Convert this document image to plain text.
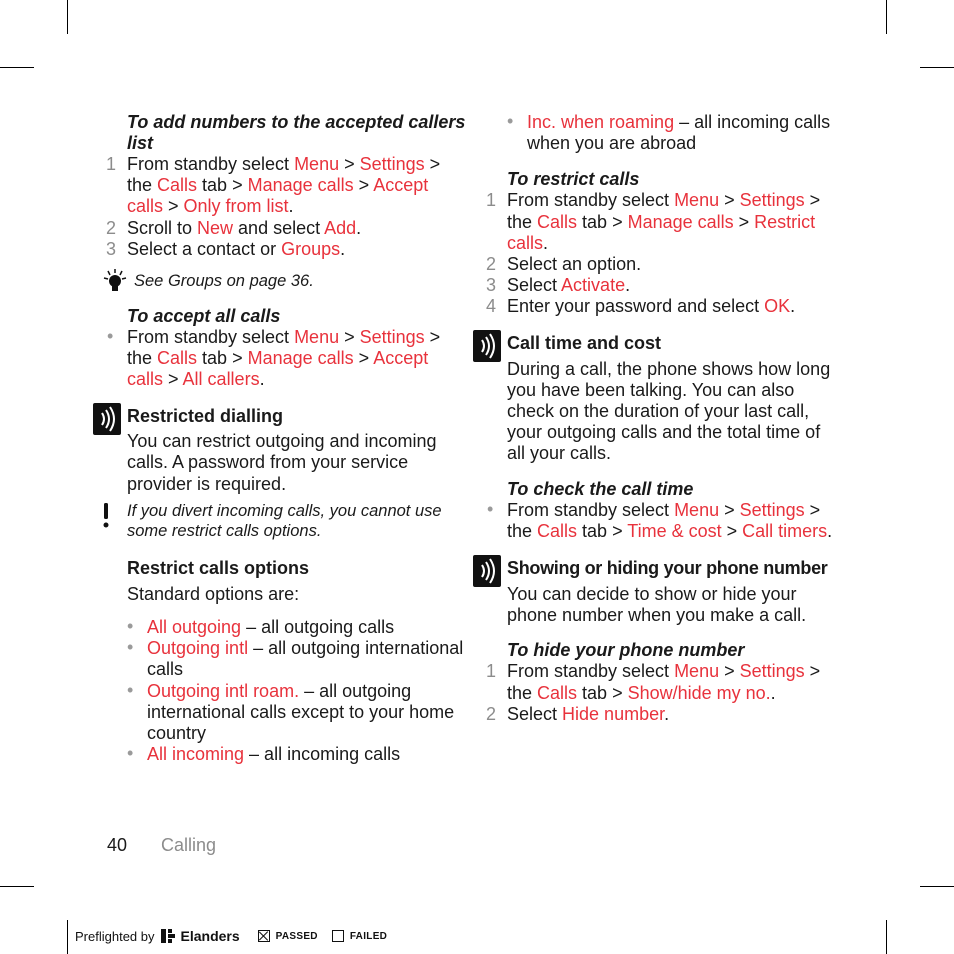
To add numbers to the accepted callers list

1 From standby select Menu > Settings > the Calls tab > Manage calls > Accept calls > Only from list.
2 Scroll to New and select Add.
3 Select a contact or Groups.
See Groups on page 36.

To accept all calls

• From standby select Menu > Settings > the Calls tab > Manage calls > Accept calls > All callers.
Restricted dialling

You can restrict outgoing and incoming calls. A password from your service provider is required.

If you divert incoming calls, you cannot use some restrict calls options.

Restrict calls options

Standard options are:

• All outgoing – all outgoing calls
• Outgoing intl – all outgoing international calls
• Outgoing intl roam. – all outgoing international calls except to your home country
• All incoming – all incoming calls
• Inc. when roaming – all incoming calls when you are abroad

To restrict calls

1 From standby select Menu > Settings > the Calls tab > Manage calls > Restrict calls.
2 Select an option.
3 Select Activate.
4 Enter your password and select OK.
Call time and cost

During a call, the phone shows how long you have been talking. You can also check on the duration of your last call, your outgoing calls and the total time of all your calls.

To check the call time

• From standby select Menu > Settings > the Calls tab > Time & cost > Call timers.
Showing or hiding your phone number

You can decide to show or hide your phone number when you make a call.

To hide your phone number

1 From standby select Menu > Settings > the Calls tab > Show/hide my no..
2 Select Hide number.
40 Calling
Preflighted by Elanders	PASSED	FAILED
